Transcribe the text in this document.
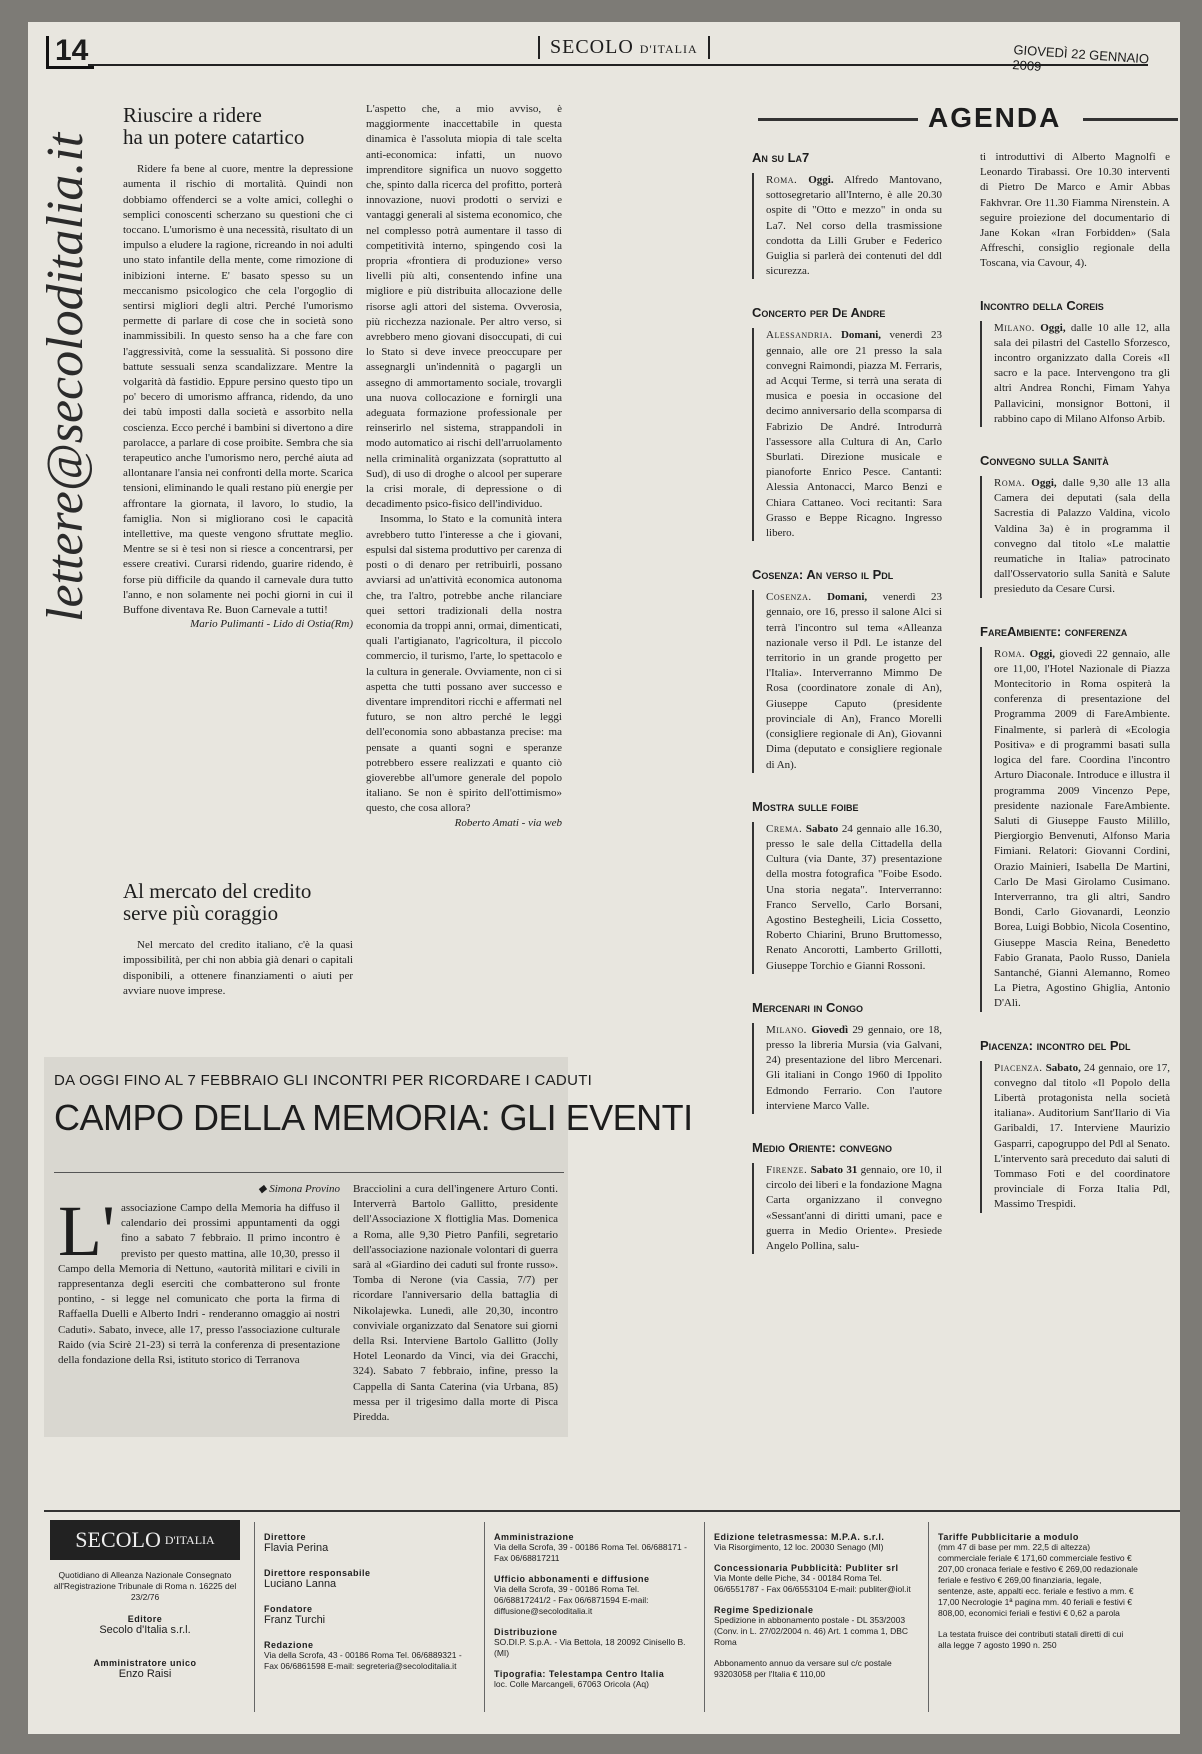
14	SECOLO D'ITALIA	GIOVEDÌ 22 GENNAIO 2009
lettere@secoloditalia.it
Riuscire a ridere
ha un potere catartico

Ridere fa bene al cuore, mentre la depressione aumenta il rischio di mortalità. Quindi non dobbiamo offenderci se a volte amici, colleghi o semplici conoscenti scherzano su questioni che ci toccano. L'umorismo è una necessità, risultato di un impulso a eludere la ragione, ricreando in noi adulti uno stato infantile della mente, come rimozione di inibizioni interne. E' basato spesso su un meccanismo psicologico che cela l'orgoglio di sentirsi migliori degli altri. Perché l'umorismo permette di parlare di cose che in società sono inammissibili. In questo senso ha a che fare con l'aggressività, come la sessualità. Si possono dire battute sessuali senza scandalizzare. Mentre la volgarità dà fastidio. Eppure persino questo tipo un po' becero di umorismo affranca, ridendo, da uno dei tabù imposti dalla società e assorbito nella coscienza. Ecco perché i bambini si divertono a dire parolacce, a parlare di cose proibite. Sembra che sia terapeutico anche l'umorismo nero, perché aiuta ad allontanare l'ansia nei confronti della morte. Scarica tensioni, eliminando le quali restano più energie per affrontare la giornata, il lavoro, lo studio, la famiglia. Non si migliorano così le capacità intellettive, ma queste vengono sfruttate meglio. Mentre se si è tesi non si riesce a concentrarsi, per essere creativi. Curarsi ridendo, guarire ridendo, è forse più difficile da quando il carnevale dura tutto l'anno, e non solamente nei pochi giorni in cui il Buffone diventava Re. Buon Carnevale a tutti!

Mario Pulimanti - Lido di Ostia(Rm)
Al mercato del credito
serve più coraggio

Nel mercato del credito italiano, c'è la quasi impossibilità, per chi non abbia già denari o capitali disponibili, a ottenere finanziamenti o aiuti per avviare nuove imprese.

L'aspetto che, a mio avviso, è maggiormente inaccettabile in questa dinamica è l'assoluta miopia di tale scelta anti-economica: infatti, un nuovo imprenditore significa un nuovo soggetto che, spinto dalla ricerca del profitto, porterà innovazione, nuovi prodotti o servizi e vantaggi generali al sistema economico, che nel complesso potrà aumentare il tasso di competitività interno, spingendo così la propria «frontiera di produzione» verso livelli più alti, consentendo infine una migliore e più distribuita allocazione delle risorse agli attori del sistema. Ovverosia, più ricchezza nazionale. Per altro verso, si avrebbero meno giovani disoccupati, di cui lo Stato si deve invece preoccupare per assegnargli un'indennità o pagargli un assegno di ammortamento sociale, trovargli una nuova collocazione e fornirgli una adeguata formazione professionale per reinserirlo nel sistema, strappandoli in modo automatico ai rischi dell'arruolamento nella criminalità organizzata (soprattutto al Sud), di uso di droghe o alcool per superare la crisi morale, di depressione o di decadimento psico-fisico dell'individuo.

Insomma, lo Stato e la comunità intera avrebbero tutto l'interesse a che i giovani, espulsi dal sistema produttivo per carenza di posti o di denaro per retribuirli, possano avviarsi ad un'attività economica autonoma che, tra l'altro, potrebbe anche rilanciare quei settori tradizionali della nostra economia da troppi anni, ormai, dimenticati, quali l'artigianato, l'agricoltura, il piccolo commercio, il turismo, l'arte, lo spettacolo e la cultura in generale. Ovviamente, non ci si aspetta che tutti possano aver successo e diventare imprenditori ricchi e affermati nel futuro, se non altro perché le leggi dell'economia sono abbastanza precise: ma pensate a quanti sogni e speranze potrebbero essere realizzati e quanto ciò gioverebbe all'umore generale del popolo italiano. Se non è spirito dell'ottimismo» questo, che cosa allora?

Roberto Amati - via web
DA OGGI FINO AL 7 FEBBRAIO GLI INCONTRI PER RICORDARE I CADUTI
CAMPO DELLA MEMORIA: GLI EVENTI
◆ Simona Provino
L' associazione Campo della Memoria ha diffuso il calendario dei prossimi appuntamenti da oggi fino a sabato 7 febbraio. Il primo incontro è previsto per questo mattina, alle 10,30, presso il Campo della Memoria di Nettuno, «autorità militari e civili in rappresentanza degli eserciti che combatterono sul fronte pontino, - si legge nel comunicato che porta la firma di Raffaella Duelli e Alberto Indri - renderanno omaggio ai nostri Caduti». Sabato, invece, alle 17, presso l'associazione culturale Raido (via Scirè 21-23) si terrà la conferenza di presentazione della fondazione della Rsi, istituto storico di Terranova
Bracciolini a cura dell'ingenere Arturo Conti. Interverrà Bartolo Gallitto, presidente dell'Associazione X flottiglia Mas. Domenica a Roma, alle 9,30 Pietro Panfili, segretario dell'associazione nazionale volontari di guerra sarà al «Giardino dei caduti sul fronte russo». Tomba di Nerone (via Cassia, 7/7) per ricordare l'anniversario della battaglia di Nikolajewka. Lunedì, alle 20,30, incontro conviviale organizzato dal Senatore sui giorni della Rsi. Interviene Bartolo Gallitto (Jolly Hotel Leonardo da Vinci, via dei Gracchi, 324). Sabato 7 febbraio, infine, presso la Cappella di Santa Caterina (via Urbana, 85) messa per il trigesimo dalla morte di Pisca Piredda.
AGENDA
An su La7

Roma. Oggi. Alfredo Mantovano, sottosegretario all'Interno, è alle 20.30 ospite di "Otto e mezzo" in onda su La7. Nel corso della trasmissione condotta da Lilli Gruber e Federico Guiglia si parlerà dei contenuti del ddl sicurezza.

Concerto per De Andre

Alessandria. Domani, venerdì 23 gennaio, alle ore 21 presso la sala convegni Raimondi, piazza M. Ferraris, ad Acqui Terme, si terrà una serata di musica e poesia in occasione del decimo anniversario della scomparsa di Fabrizio De André. Introdurrà l'assessore alla Cultura di An, Carlo Sburlati. Direzione musicale e pianoforte Enrico Pesce. Cantanti: Alessia Antonacci, Marco Benzi e Chiara Cattaneo. Voci recitanti: Sara Grasso e Beppe Ricagno. Ingresso libero.

Cosenza: An verso il Pdl

Cosenza. Domani, venerdì 23 gennaio, ore 16, presso il salone Alci si terrà l'incontro sul tema «Alleanza nazionale verso il Pdl. Le istanze del territorio in un grande progetto per l'Italia». Interverranno Mimmo De Rosa (coordinatore zonale di An), Giuseppe Caputo (presidente provinciale di An), Franco Morelli (consigliere regionale di An), Giovanni Dima (deputato e consigliere regionale di An).

Mostra sulle foibe

Crema. Sabato 24 gennaio alle 16.30, presso le sale della Cittadella della Cultura (via Dante, 37) presentazione della mostra fotografica "Foibe Esodo. Una storia negata". Interverranno: Franco Servello, Carlo Borsani, Agostino Bestegheili, Licia Cossetto, Roberto Chiarini, Bruno Bruttomesso, Renato Ancorotti, Lamberto Grillotti, Giuseppe Torchio e Gianni Rossoni.

Mercenari in Congo

Milano. Giovedì 29 gennaio, ore 18, presso la libreria Mursia (via Galvani, 24) presentazione del libro Mercenari. Gli italiani in Congo 1960 di Ippolito Edmondo Ferrario. Con l'autore interviene Marco Valle.

Medio Oriente: convegno

Firenze. Sabato 31 gennaio, ore 10, il circolo dei liberi e la fondazione Magna Carta organizzano il convegno «Sessant'anni di diritti umani, pace e guerra in Medio Oriente». Presiede Angelo Pollina, salu-

ti introduttivi di Alberto Magnolfi e Leonardo Tirabassi. Ore 10.30 interventi di Pietro De Marco e Amir Abbas Fakhvrar. Ore 11.30 Fiamma Nirenstein. A seguire proiezione del documentario di Jane Kokan «Iran Forbidden» (Sala Affreschi, consiglio regionale della Toscana, via Cavour, 4).

Incontro della Coreis

Milano. Oggi, dalle 10 alle 12, alla sala dei pilastri del Castello Sforzesco, incontro organizzato dalla Coreis «Il sacro e la pace. Intervengono tra gli altri Andrea Ronchi, Fimam Yahya Pallavicini, monsignor Bottoni, il rabbino capo di Milano Alfonso Arbib.

Convegno sulla Sanità

Roma. Oggi, dalle 9,30 alle 13 alla Camera dei deputati (sala della Sacrestia di Palazzo Valdina, vicolo Valdina 3a) è in programma il convegno dal titolo «Le malattie reumatiche in Italia» patrocinato dall'Osservatorio sulla Sanità e Salute presieduto da Cesare Cursi.

FareAmbiente: conferenza

Roma. Oggi, giovedì 22 gennaio, alle ore 11,00, l'Hotel Nazionale di Piazza Montecitorio in Roma ospiterà la conferenza di presentazione del Programma 2009 di FareAmbiente. Finalmente, si parlerà di «Ecologia Positiva» e di programmi basati sulla logica del fare. Coordina l'incontro Arturo Diaconale. Introduce e illustra il programma 2009 Vincenzo Pepe, presidente nazionale FareAmbiente. Saluti di Giuseppe Fausto Milillo, Piergiorgio Benvenuti, Alfonso Maria Fimiani. Relatori: Giovanni Cordini, Orazio Mainieri, Isabella De Martini, Carlo De Masi Girolamo Cusimano. Interverranno, tra gli altri, Sandro Bondi, Carlo Giovanardi, Leonzio Borea, Luigi Bobbio, Nicola Cosentino, Giuseppe Mascia Reina, Benedetto Fabio Granata, Paolo Russo, Daniela Santanché, Gianni Alemanno, Romeo La Pietra, Agostino Ghiglia, Antonio D'Alì.

Piacenza: incontro del Pdl

Piacenza. Sabato, 24 gennaio, ore 17, convegno dal titolo «Il Popolo della Libertà protagonista nella società italiana». Auditorium Sant'Ilario di Via Garibaldi, 17. Interviene Maurizio Gasparri, capogruppo del Pdl al Senato. L'intervento sarà preceduto dai saluti di Tommaso Foti e del coordinatore provinciale di Forza Italia Pdl, Massimo Trespidi.

SECOLO D'ITALIA
Quotidiano di Alleanza Nazionale Consegnato all'Registrazione Tribunale di Roma n. 16225 del 23/2/76
Editore
Secolo d'Italia s.r.l.
Amministratore unico
Enzo Raisi
Direttore
Flavia Perina
Direttore responsabile
Luciano Lanna
Fondatore
Franz Turchi
Redazione
Via della Scrofa, 43 - 00186 Roma Tel. 06/6889321 - Fax 06/6861598 E-mail: segreteria@secoloditalia.it
Amministrazione
Via della Scrofa, 39 - 00186 Roma Tel. 06/688171 - Fax 06/68817211
Ufficio abbonamenti e diffusione
Via della Scrofa, 39 - 00186 Roma Tel. 06/68817241/2 - Fax 06/6871594 E-mail: diffusione@secoloditalia.it
Distribuzione
SO.DI.P. S.p.A. - Via Bettola, 18 20092 Cinisello B. (MI)
Tipografia: Telestampa Centro Italia
loc. Colle Marcangeli, 67063 Oricola (Aq)
Edizione teletrasmessa: M.P.A. s.r.l.
Via Risorgimento, 12 loc. 20030 Senago (MI)
Concessionaria Pubblicità: Publiter srl
Via Monte delle Piche, 34 - 00184 Roma Tel. 06/6551787 - Fax 06/6553104 E-mail: publiter@iol.it
Regime Spedizionale
Spedizione in abbonamento postale - DL 353/2003 (Conv. in L. 27/02/2004 n. 46) Art. 1 comma 1, DBC Roma
Abbonamento annuo da versare sul c/c postale 93203058 per l'Italia € 110,00
Tariffe Pubblicitarie a modulo
(mm 47 di base per mm. 22,5 di altezza) commerciale feriale € 171,60 commerciale festivo € 207,00 cronaca feriale e festivo € 269,00 redazionale feriale e festivo € 269,00 finanziaria, legale, sentenze, aste, appalti ecc. feriale e festivo a mm. € 17,00 Necrologie 1ª pagina mm. 40 feriali e festivi € 808,00, economici feriali e festivi € 0,62 a parola
La testata fruisce dei contributi statali diretti di cui alla legge 7 agosto 1990 n. 250
